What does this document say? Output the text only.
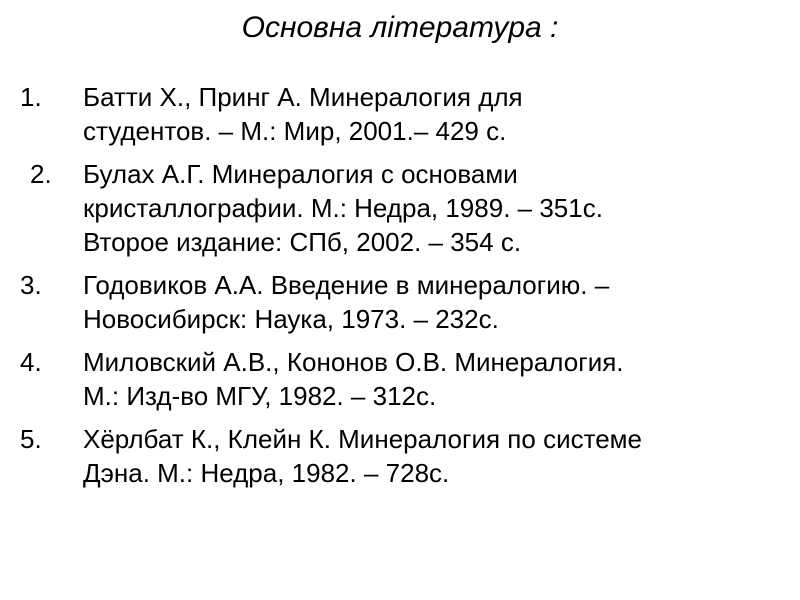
Основна література :
1.	Батти Х., Принг А. Минералогия для
студентов. – М.: Мир, 2001.– 429 с.
2.	Булах А.Г. Минералогия с основами
кристаллографии. М.: Недра, 1989. – 351с.
Второе издание: СПб, 2002. – 354 с.
3.	Годовиков А.А. Введение в минералогию. –
Новосибирск: Наука, 1973. – 232с.
4.	Миловский А.В., Кононов О.В. Минералогия.
М.: Изд-во МГУ, 1982. – 312с.
5.	Хёрлбат К., Клейн К. Минералогия по системе
Дэна. М.: Недра, 1982. – 728с.
